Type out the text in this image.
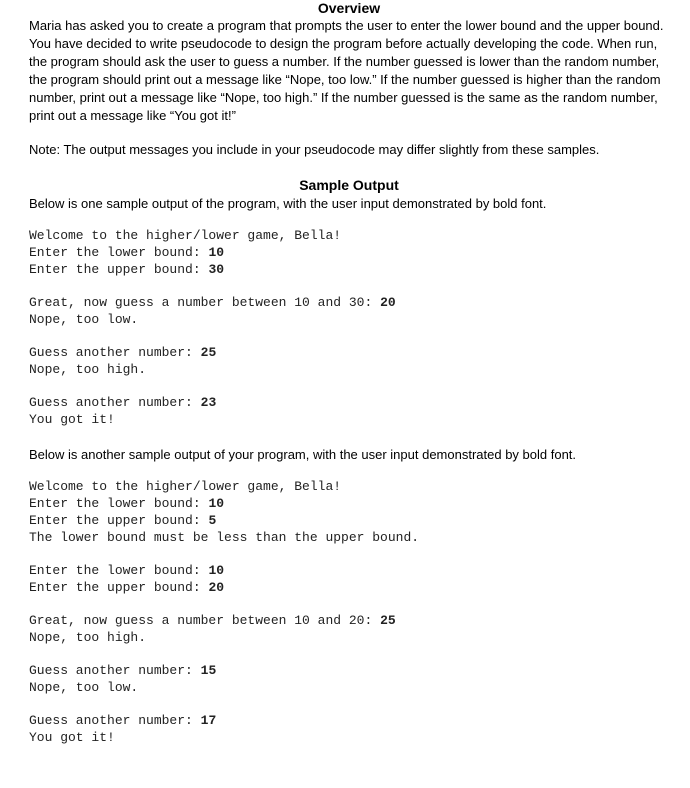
Overview

Maria has asked you to create a program that prompts the user to enter the lower bound and the upper bound. You have decided to write pseudocode to design the program before actually developing the code. When run, the program should ask the user to guess a number. If the number guessed is lower than the random number, the program should print out a message like “Nope, too low.” If the number guessed is higher than the random number, print out a message like “Nope, too high.” If the number guessed is the same as the random number, print out a message like “You got it!”

Note: The output messages you include in your pseudocode may differ slightly from these samples.

Sample Output

Below is one sample output of the program, with the user input demonstrated by bold font.

Welcome to the higher/lower game, Bella!
Enter the lower bound: 10
Enter the upper bound: 30
Great, now guess a number between 10 and 30: 20
Nope, too low.
Guess another number: 25
Nope, too high.
Guess another number: 23
You got it!

Below is another sample output of your program, with the user input demonstrated by bold font.

Welcome to the higher/lower game, Bella!
Enter the lower bound: 10
Enter the upper bound: 5
The lower bound must be less than the upper bound.
Enter the lower bound: 10
Enter the upper bound: 20
Great, now guess a number between 10 and 20: 25
Nope, too high.
Guess another number: 15
Nope, too low.
Guess another number: 17
You got it!
